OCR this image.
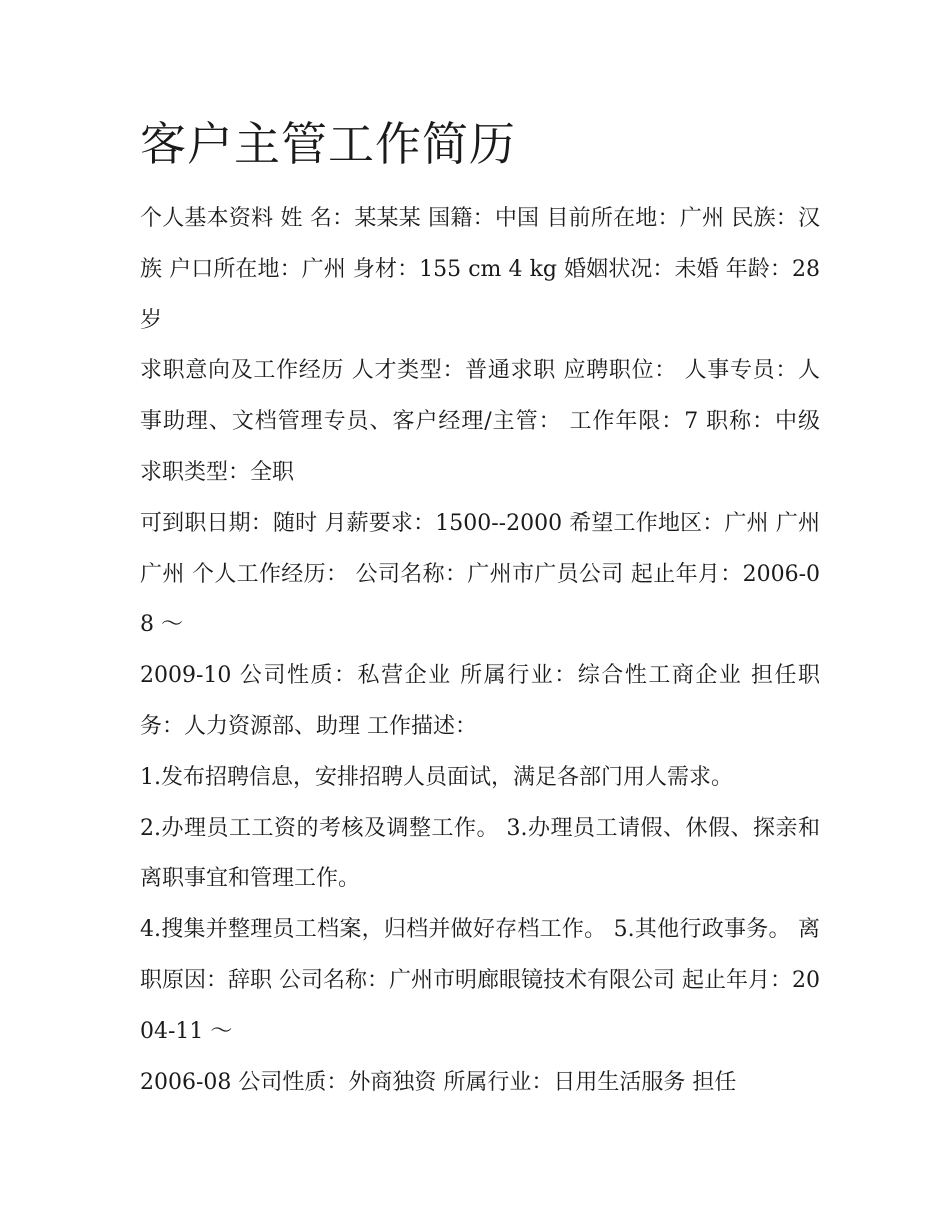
客户主管工作简历

个人基本资料 姓 名：某某某 国籍：中国 目前所在地：广州 民族：汉族 户口所在地：广州 身材：155 cm 4 kg 婚姻状况：未婚 年龄：28 岁

求职意向及工作经历 人才类型：普通求职 应聘职位： 人事专员：人事助理、文档管理专员、客户经理/主管： 工作年限：7 职称：中级 求职类型：全职

可到职日期：随时 月薪要求：1500--2000 希望工作地区：广州 广州 广州 个人工作经历： 公司名称：广州市广员公司 起止年月：2006-08 ～

2009-10 公司性质：私营企业 所属行业：综合性工商企业 担任职务：人力资源部、助理 工作描述：

1.发布招聘信息，安排招聘人员面试，满足各部门用人需求。

2.办理员工工资的考核及调整工作。 3.办理员工请假、休假、探亲和离职事宜和管理工作。

4.搜集并整理员工档案，归档并做好存档工作。 5.其他行政事务。 离职原因：辞职 公司名称：广州市明廊眼镜技术有限公司 起止年月：2004-11 ～

2006-08 公司性质：外商独资 所属行业：日用生活服务 担任
